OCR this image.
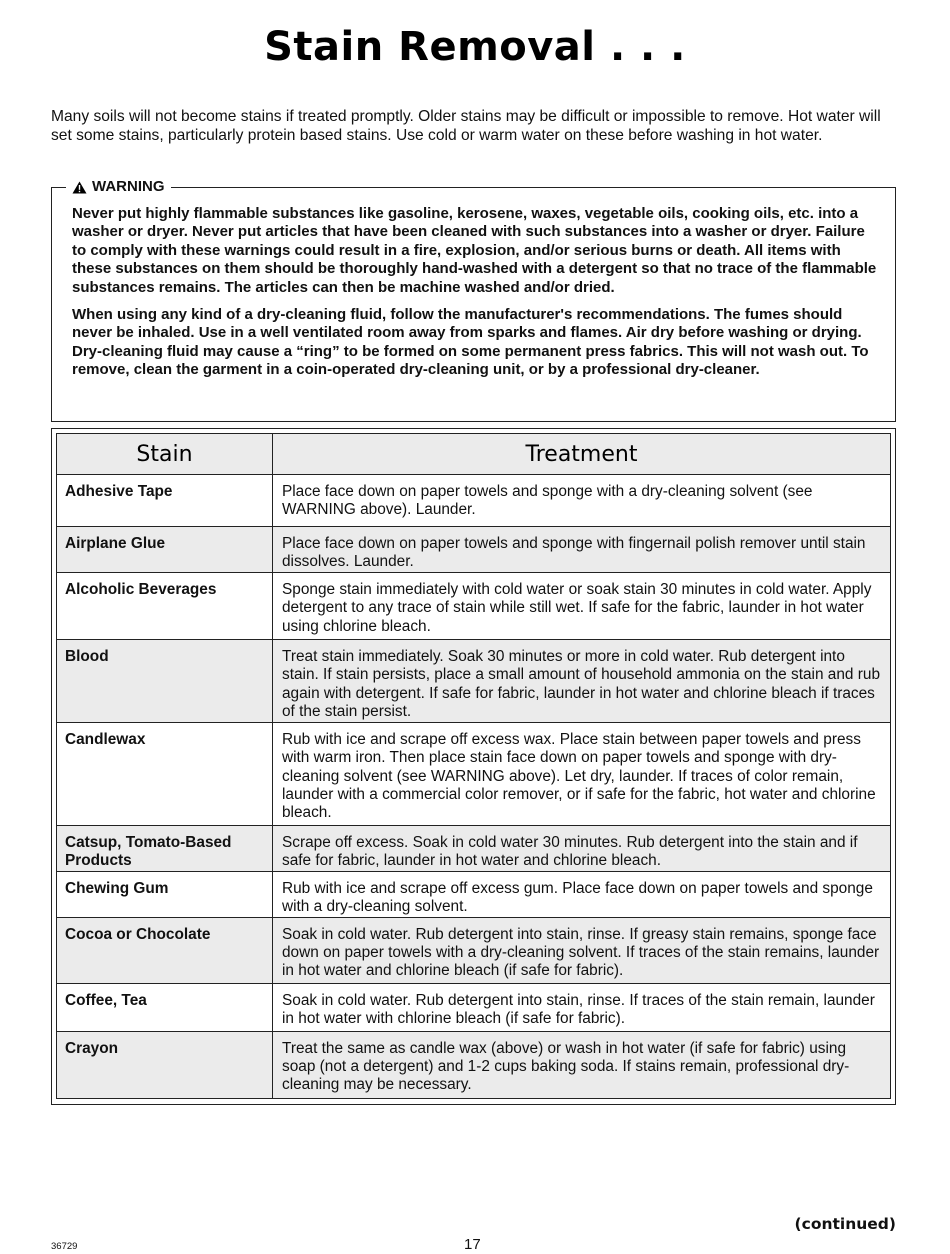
Stain Removal . . .
Many soils will not become stains if treated promptly. Older stains may be difficult or impossible to remove. Hot water will set some stains, particularly protein based stains. Use cold or warm water on these before washing in hot water.
WARNING

Never put highly flammable substances like gasoline, kerosene, waxes, vegetable oils, cooking oils, etc. into a washer or dryer. Never put articles that have been cleaned with such substances into a washer or dryer. Failure to comply with these warnings could result in a fire, explosion, and/or serious burns or death. All items with these substances on them should be thoroughly hand-washed with a detergent so that no trace of the flammable substances remains. The articles can then be machine washed and/or dried.

When using any kind of a dry-cleaning fluid, follow the manufacturer's recommendations. The fumes should never be inhaled. Use in a well ventilated room away from sparks and flames. Air dry before washing or drying. Dry-cleaning fluid may cause a “ring” to be formed on some permanent press fabrics. This will not wash out. To remove, clean the garment in a coin-operated dry-cleaning unit, or by a professional dry-cleaner.

Stain	Treatment
Adhesive Tape	Place face down on paper towels and sponge with a dry-cleaning solvent (see WARNING above). Launder.
Airplane Glue	Place face down on paper towels and sponge with fingernail polish remover until stain dissolves. Launder.
Alcoholic Beverages	Sponge stain immediately with cold water or soak stain 30 minutes in cold water. Apply detergent to any trace of stain while still wet. If safe for the fabric, launder in hot water using chlorine bleach.
Blood	Treat stain immediately. Soak 30 minutes or more in cold water. Rub detergent into stain. If stain persists, place a small amount of household ammonia on the stain and rub again with detergent. If safe for fabric, launder in hot water and chlorine bleach if traces of the stain persist.
Candlewax	Rub with ice and scrape off excess wax. Place stain between paper towels and press with warm iron. Then place stain face down on paper towels and sponge with dry-cleaning solvent (see WARNING above). Let dry, launder. If traces of color remain, launder with a commercial color remover, or if safe for the fabric, hot water and chlorine bleach.
Catsup, Tomato-Based Products	Scrape off excess. Soak in cold water 30 minutes. Rub detergent into the stain and if safe for fabric, launder in hot water and chlorine bleach.
Chewing Gum	Rub with ice and scrape off excess gum. Place face down on paper towels and sponge with a dry-cleaning solvent.
Cocoa or Chocolate	Soak in cold water. Rub detergent into stain, rinse. If greasy stain remains, sponge face down on paper towels with a dry-cleaning solvent. If traces of the stain remains, launder in hot water and chlorine bleach (if safe for fabric).
Coffee, Tea	Soak in cold water. Rub detergent into stain, rinse. If traces of the stain remain, launder in hot water with chlorine bleach (if safe for fabric).
Crayon	Treat the same as candle wax (above) or wash in hot water (if safe for fabric) using soap (not a detergent) and 1-2 cups baking soda. If stains remain, professional dry-cleaning may be necessary.
(continued)
36729	17
